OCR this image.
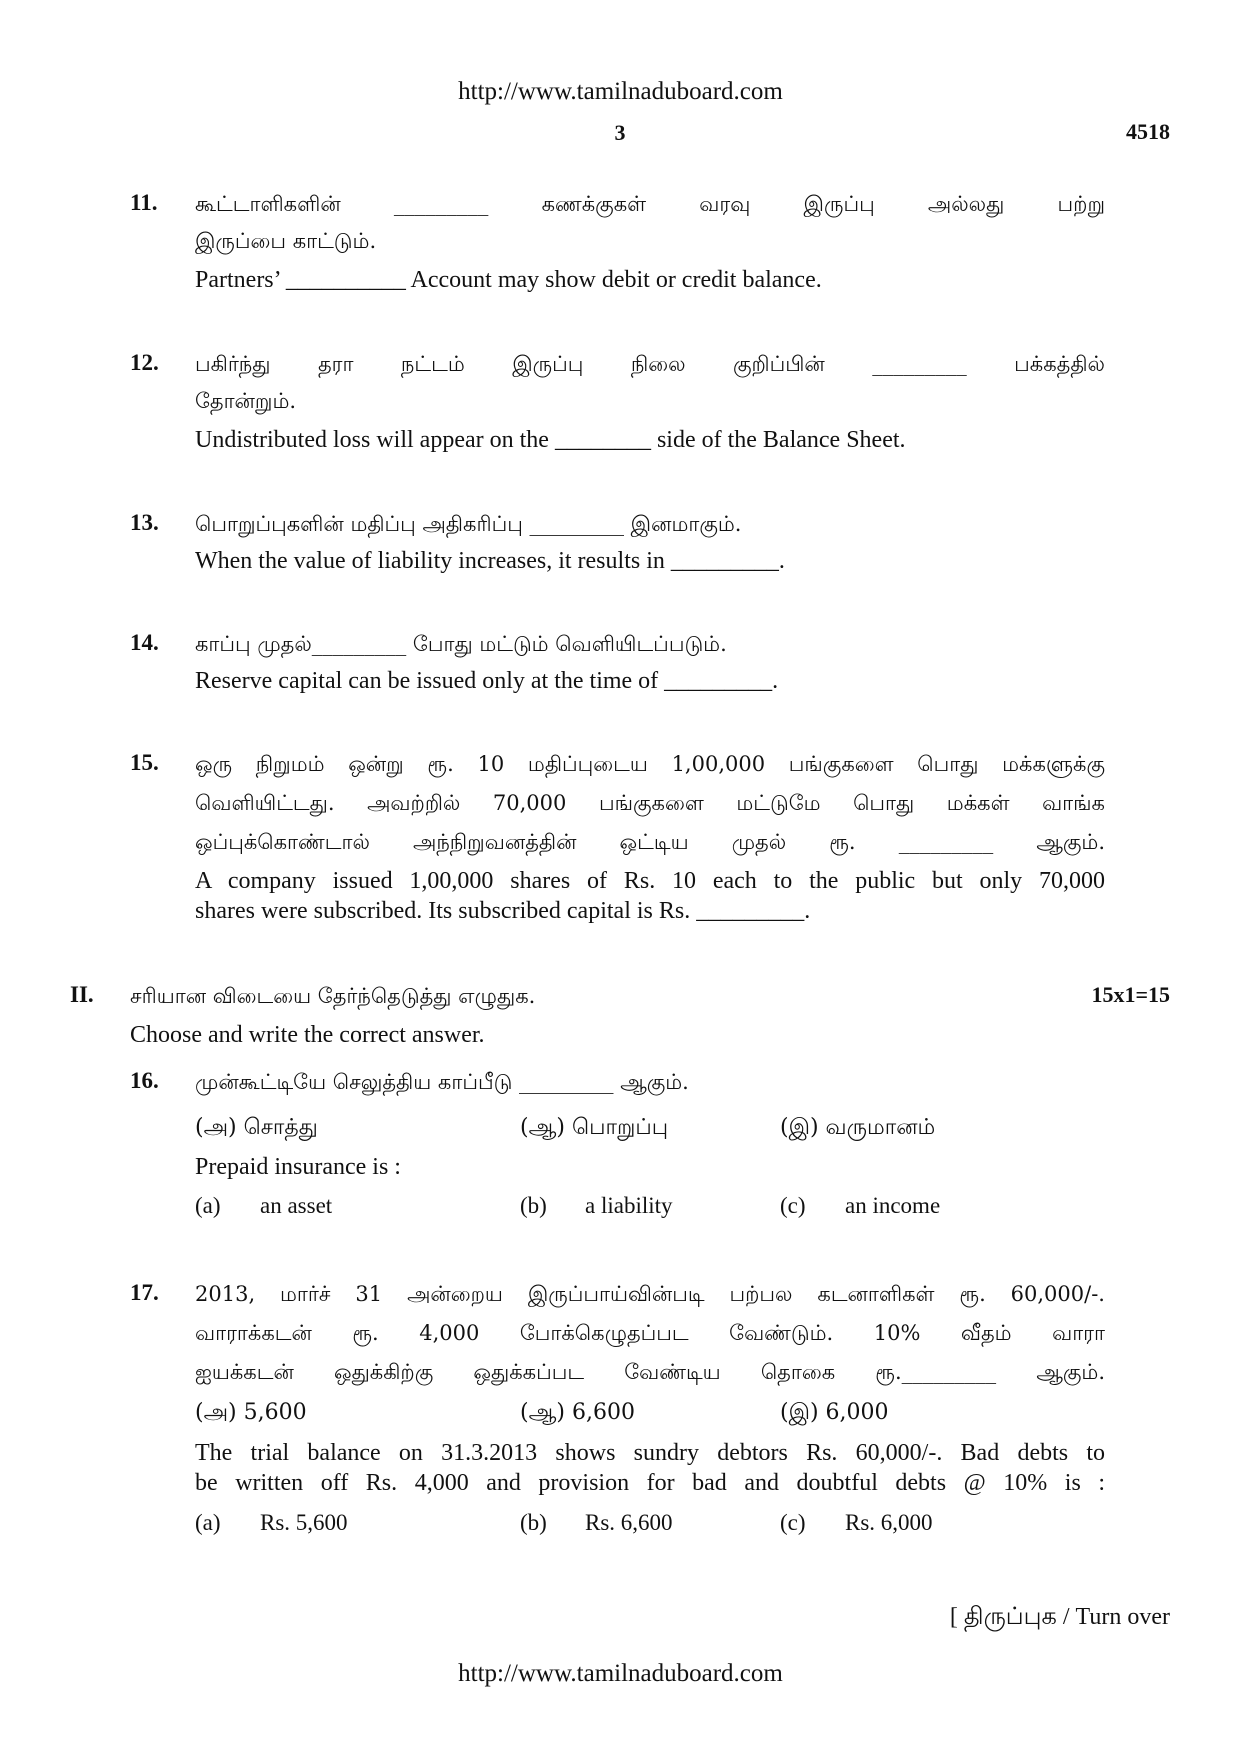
http://www.tamilnaduboard.com
3	4518
11.	கூட்டாளிகளின் _________ கணக்குகள் வரவு இருப்பு அல்லது பற்று
இருப்பை காட்டும்.
Partners’ __________ Account may show debit or credit balance.
12.	பகிர்ந்து தரா நட்டம் இருப்பு நிலை குறிப்பின் _________ பக்கத்தில்
தோன்றும்.
Undistributed loss will appear on the ________ side of the Balance Sheet.
13.	பொறுப்புகளின் மதிப்பு அதிகரிப்பு _________ இனமாகும்.
When the value of liability increases, it results in _________.
14.	காப்பு முதல்_________ போது மட்டும் வெளியிடப்படும்.
Reserve capital can be issued only at the time of _________.
15.	ஒரு நிறுமம் ஒன்று ரூ. 10 மதிப்புடைய 1,00,000 பங்குகளை பொது மக்களுக்கு
வெளியிட்டது. அவற்றில் 70,000 பங்குகளை மட்டுமே பொது மக்கள் வாங்க
ஒப்புக்கொண்டால் அந்நிறுவனத்தின் ஒட்டிய முதல் ரூ. _________ ஆகும்.
A company issued 1,00,000 shares of Rs. 10 each to the public but only 70,000
shares were subscribed. Its subscribed capital is Rs. _________.
II.	சரியான விடையை தேர்ந்தெடுத்து எழுதுக.	15x1=15
Choose and write the correct answer.
16.	முன்கூட்டியே செலுத்திய காப்பீடு _________ ஆகும்.
(அ) சொத்து	(ஆ) பொறுப்பு	(இ) வருமானம்
Prepaid insurance is :
(a) an asset	(b) a liability	(c) an income
17.	2013, மார்ச் 31 அன்றைய இருப்பாய்வின்படி பற்பல கடனாளிகள் ரூ. 60,000/-.
வாராக்கடன் ரூ. 4,000 போக்கெழுதப்பட வேண்டும். 10% வீதம் வாரா
ஐயக்கடன் ஒதுக்கிற்கு ஒதுக்கப்பட வேண்டிய தொகை ரூ._________ ஆகும்.
(அ) 5,600	(ஆ) 6,600	(இ) 6,000
The trial balance on 31.3.2013 shows sundry debtors Rs. 60,000/-. Bad debts to
be written off Rs. 4,000 and provision for bad and doubtful debts @ 10% is :
(a) Rs. 5,600	(b) Rs. 6,600	(c) Rs. 6,000
[ திருப்புக / Turn over
http://www.tamilnaduboard.com
